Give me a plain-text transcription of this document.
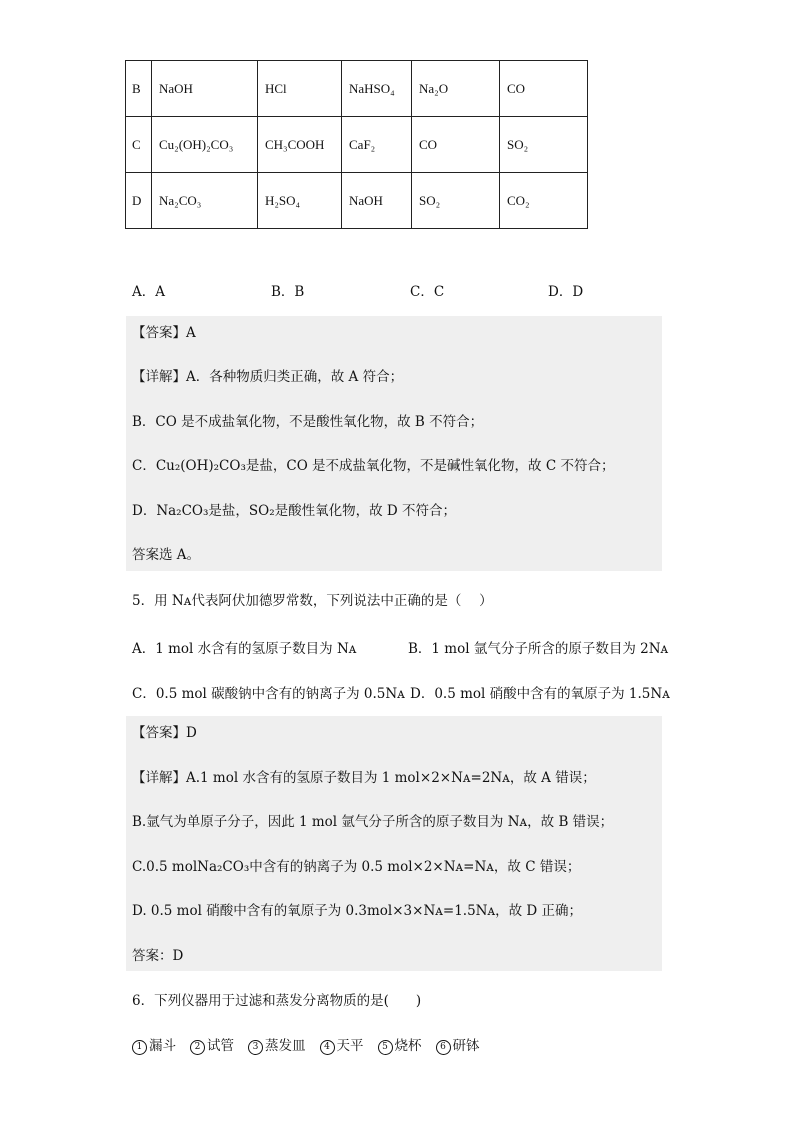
B	NaOH	HCl	NaHSO₄	Na₂O	CO
C	Cu₂(OH)₂CO₃	CH₃COOH	CaF₂	CO	SO₂
D	Na₂CO₃	H₂SO₄	NaOH	SO₂	CO₂
A．A	B．B	C．C	D．D
【答案】A
【详解】A．各种物质归类正确，故 A 符合；
B．CO 是不成盐氧化物，不是酸性氧化物，故 B 不符合；
C．Cu₂(OH)₂CO₃是盐，CO 是不成盐氧化物，不是碱性氧化物，故 C 不符合；
D．Na₂CO₃是盐，SO₂是酸性氧化物，故 D 不符合；
答案选 A。
5．用 Nᴀ代表阿伏加德罗常数，下列说法中正确的是（　 ）
A．1 mol 水含有的氢原子数目为 Nᴀ	B．1 mol 氩气分子所含的原子数目为 2Nᴀ
C．0.5 mol 碳酸钠中含有的钠离子为 0.5Nᴀ D．0.5 mol 硝酸中含有的氧原子为 1.5Nᴀ
【答案】D
【详解】A.1 mol 水含有的氢原子数目为 1 mol×2×Nᴀ=2Nᴀ，故 A 错误；
B.氩气为单原子分子，因此 1 mol 氩气分子所含的原子数目为 Nᴀ，故 B 错误；
C.0.5 molNa₂CO₃中含有的钠离子为 0.5 mol×2×Nᴀ=Nᴀ，故 C 错误；
D. 0.5 mol 硝酸中含有的氧原子为 0.3mol×3×Nᴀ=1.5Nᴀ，故 D 正确；
答案：D
6．下列仪器用于过滤和蒸发分离物质的是(　　)
1 漏斗 2 试管 3 蒸发皿 4 天平 5 烧杯 6 研钵
